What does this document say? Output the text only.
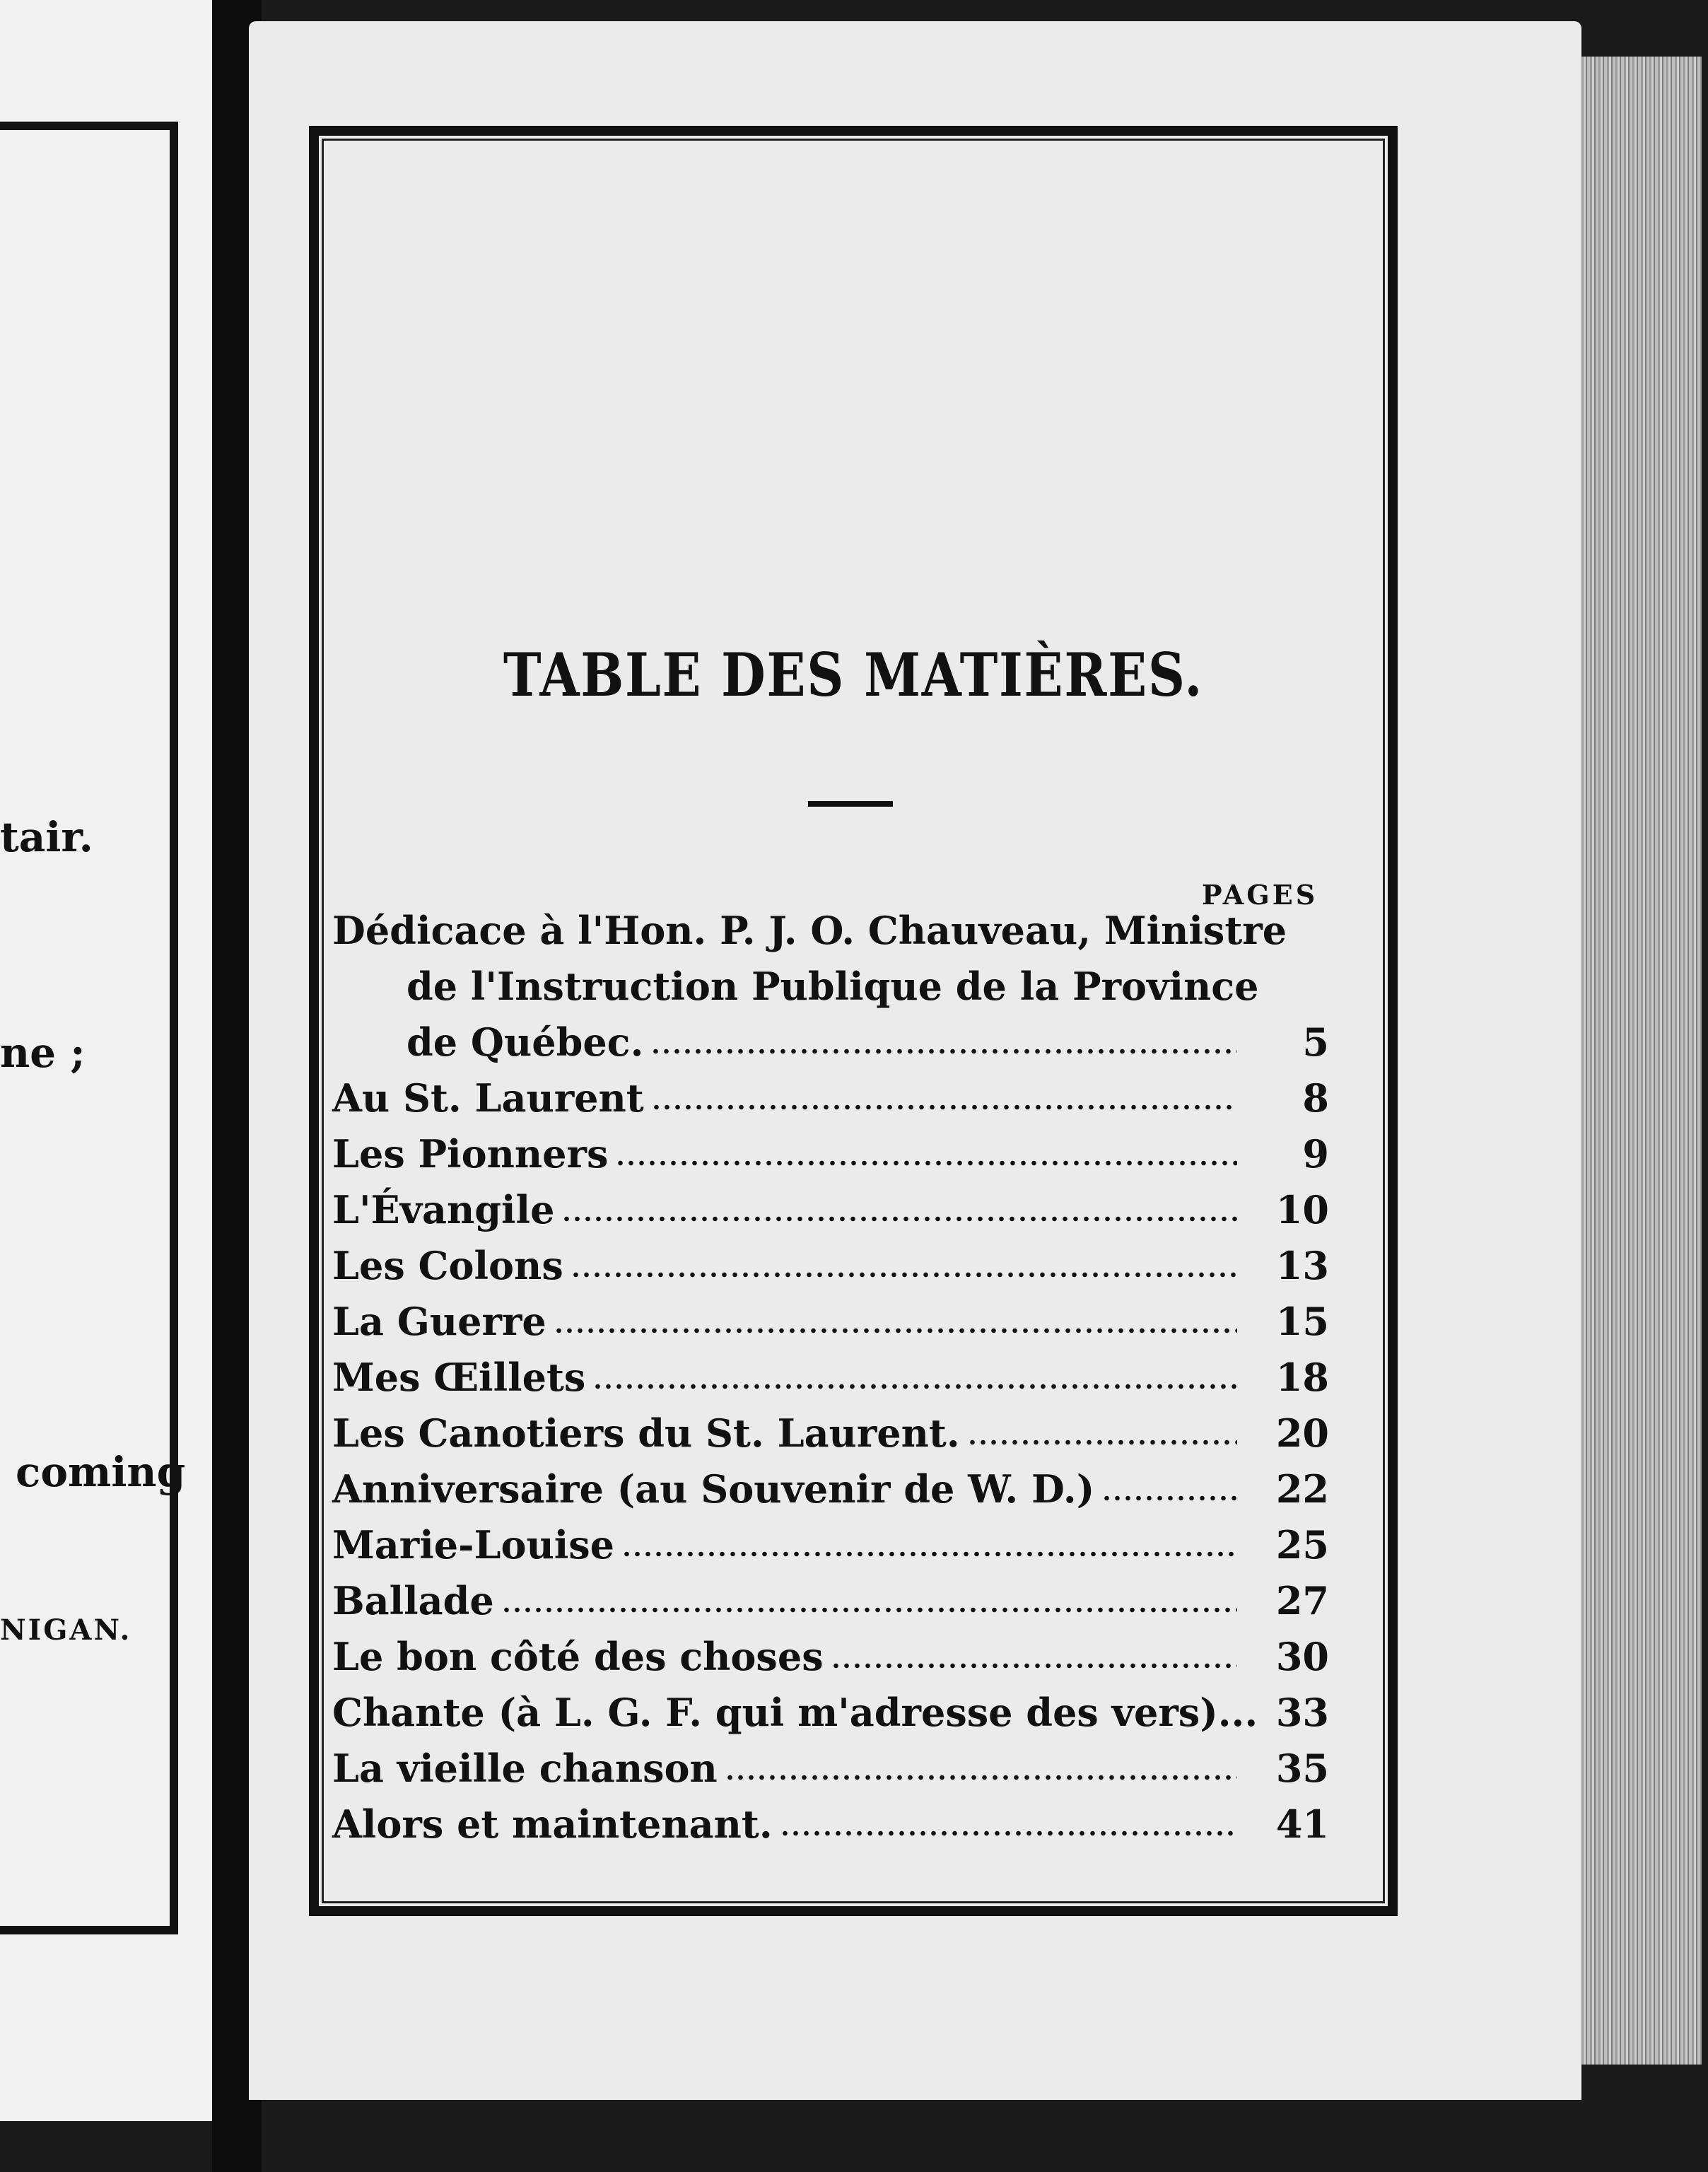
tair.
ne ;
coming
NIGAN.

TABLE DES MATIÈRES.
PAGES
Dédicace à l'Hon. P. J. O. Chauveau, Ministre
de l'Instruction Publique de la Province
de Québec.	5
Au St. Laurent	8
Les Pionners	9
L'Évangile	10
Les Colons	13
La Guerre	15
Mes Œillets	18
Les Canotiers du St. Laurent.	20
Anniversaire (au Souvenir de W. D.)	22
Marie-Louise	25
Ballade	27
Le bon côté des choses	30
Chante (à L. G. F. qui m'adresse des vers)... 33
La vieille chanson	35
Alors et maintenant.	41
